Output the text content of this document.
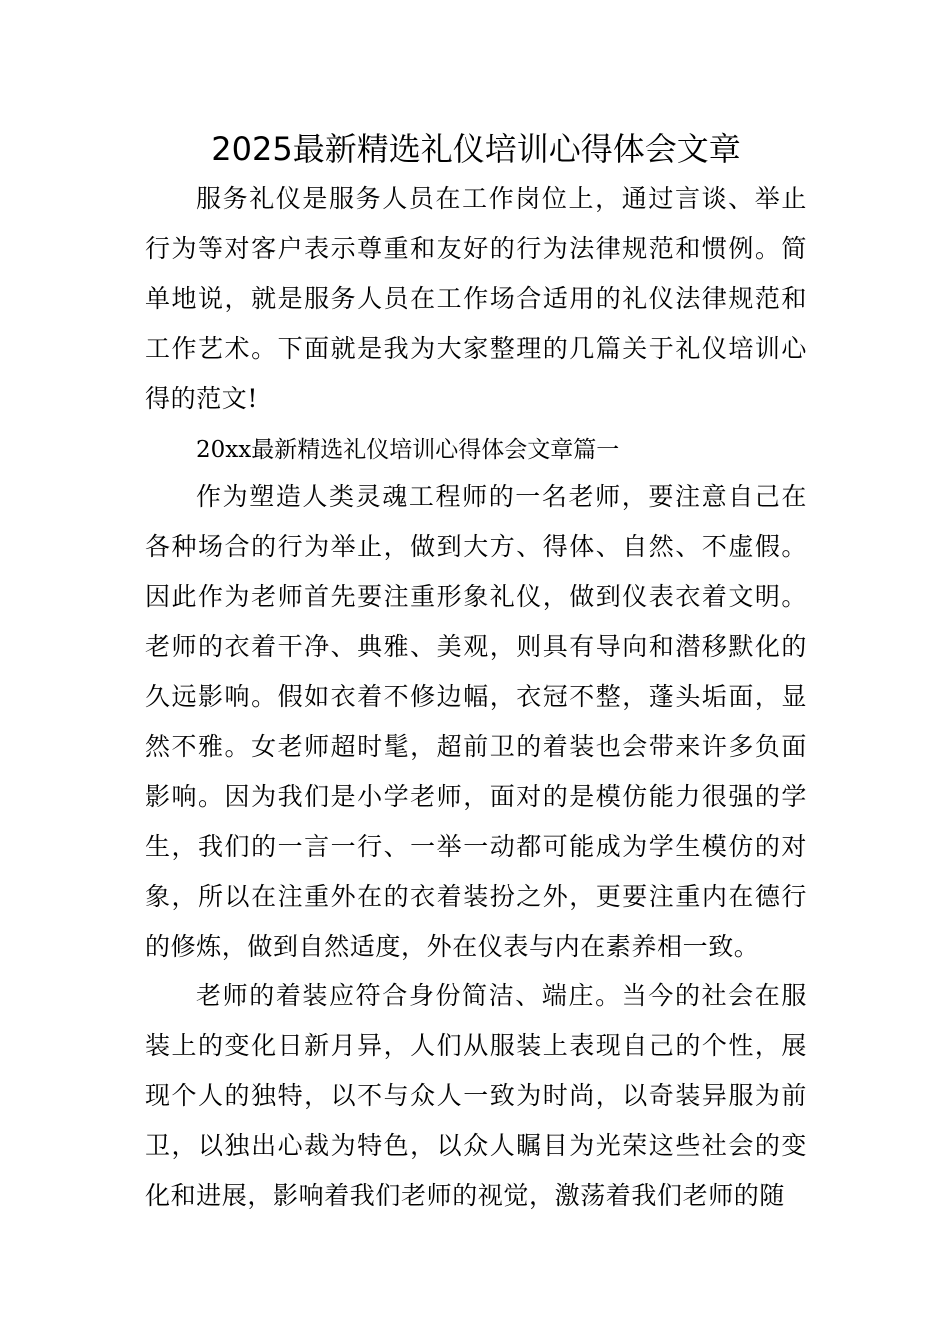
2025最新精选礼仪培训心得体会文章

服务礼仪是服务人员在工作岗位上，通过言谈、举止行为等对客户表示尊重和友好的行为法律规范和惯例。简单地说，就是服务人员在工作场合适用的礼仪法律规范和工作艺术。下面就是我为大家整理的几篇关于礼仪培训心得的范文!

20xx最新精选礼仪培训心得体会文章篇一

作为塑造人类灵魂工程师的一名老师，要注意自己在各种场合的行为举止，做到大方、得体、自然、不虚假。因此作为老师首先要注重形象礼仪，做到仪表衣着文明。老师的衣着干净、典雅、美观，则具有导向和潜移默化的久远影响。假如衣着不修边幅，衣冠不整，蓬头垢面，显然不雅。女老师超时髦，超前卫的着装也会带来许多负面影响。因为我们是小学老师，面对的是模仿能力很强的学生，我们的一言一行、一举一动都可能成为学生模仿的对象，所以在注重外在的衣着装扮之外，更要注重内在德行的修炼，做到自然适度，外在仪表与内在素养相一致。

老师的着装应符合身份简洁、端庄。当今的社会在服装上的变化日新月异，人们从服装上表现自己的个性，展现个人的独特，以不与众人一致为时尚，以奇装异服为前卫，以独出心裁为特色，以众人瞩目为光荣这些社会的变化和进展，影响着我们老师的视觉，激荡着我们老师的随
